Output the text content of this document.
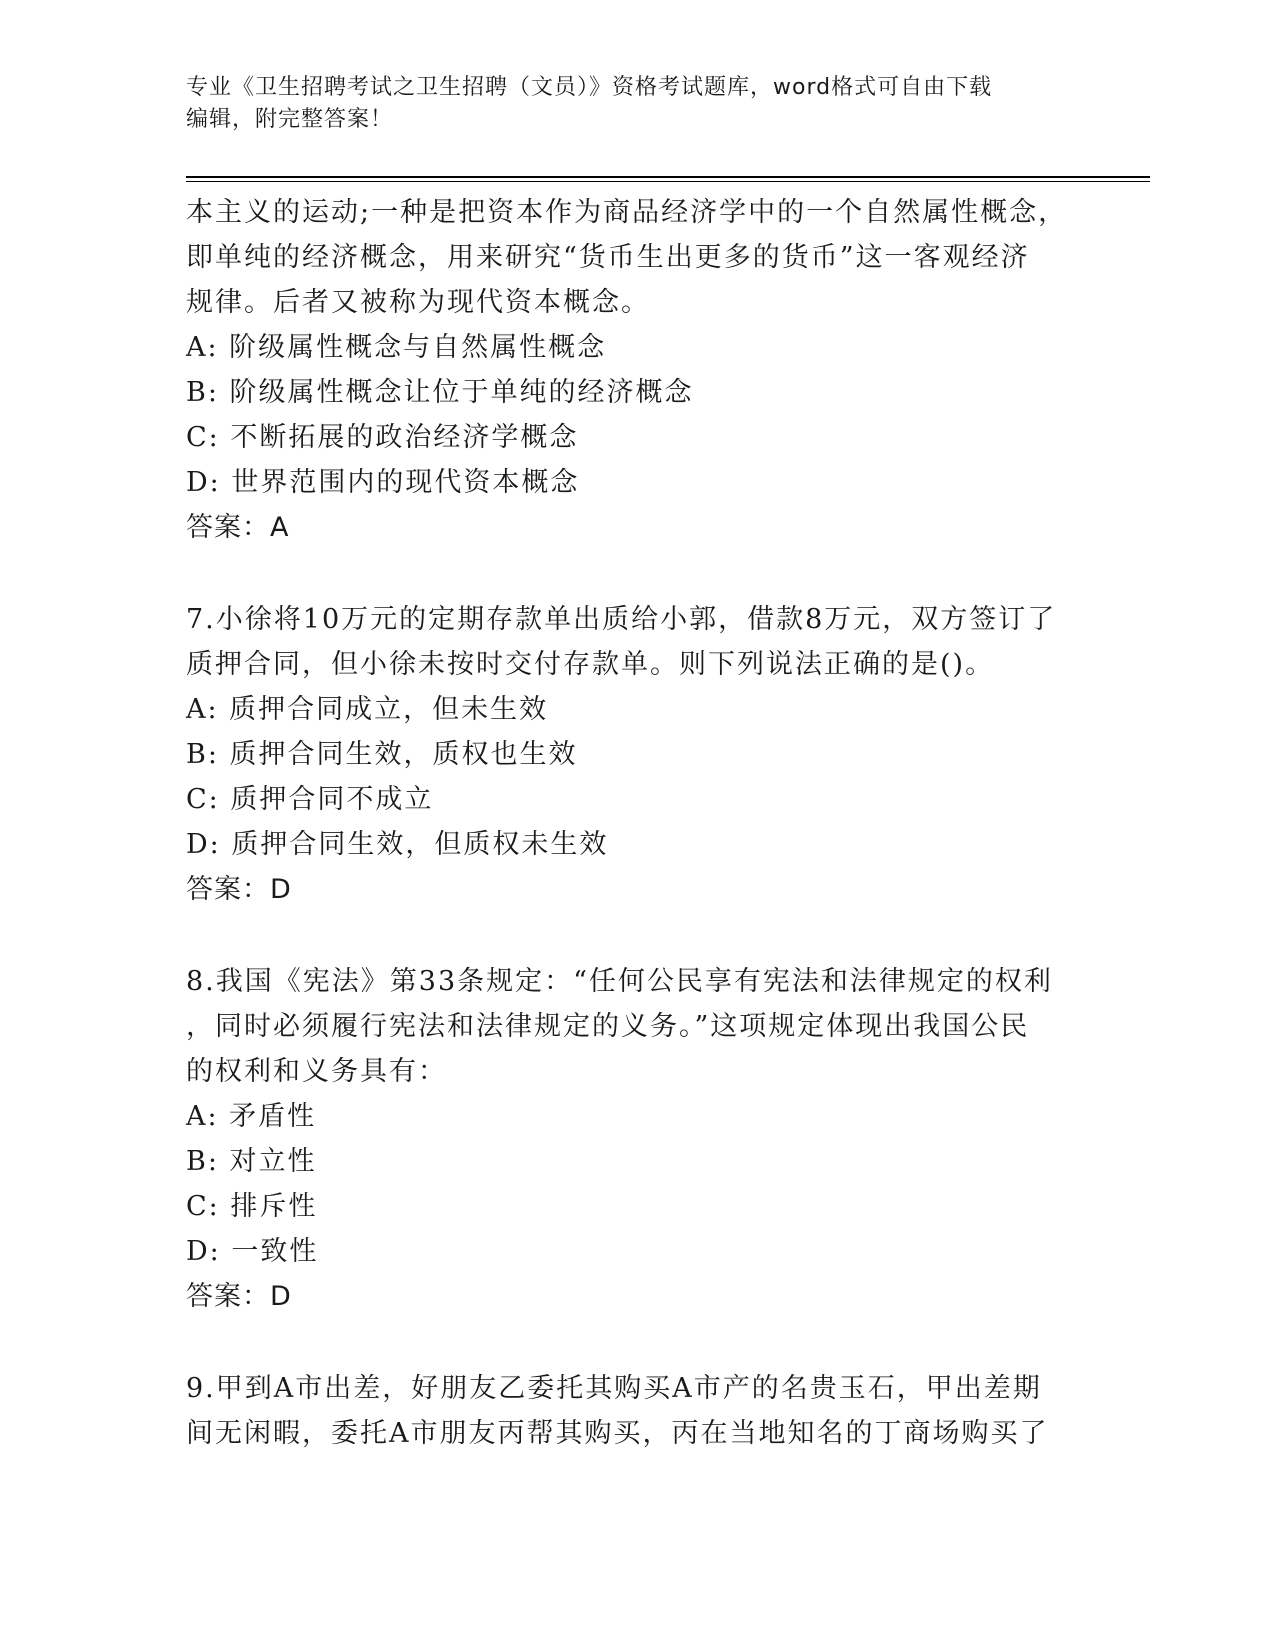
专业《卫生招聘考试之卫生招聘（文员）》资格考试题库，word格式可自由下载
编辑，附完整答案！
本主义的运动;一种是把资本作为商品经济学中的一个自然属性概念，
即单纯的经济概念，用来研究“货币生出更多的货币”这一客观经济
规律。后者又被称为现代资本概念。
A: 阶级属性概念与自然属性概念
B: 阶级属性概念让位于单纯的经济概念
C: 不断拓展的政治经济学概念
D: 世界范围内的现代资本概念
答案：A
7.小徐将10万元的定期存款单出质给小郭，借款8万元，双方签订了
质押合同，但小徐未按时交付存款单。则下列说法正确的是()。
A: 质押合同成立，但未生效
B: 质押合同生效，质权也生效
C: 质押合同不成立
D: 质押合同生效，但质权未生效
答案：D
8.我国《宪法》第33条规定：“任何公民享有宪法和法律规定的权利
，同时必须履行宪法和法律规定的义务。”这项规定体现出我国公民
的权利和义务具有：
A: 矛盾性
B: 对立性
C: 排斥性
D: 一致性
答案：D
9.甲到A市出差，好朋友乙委托其购买A市产的名贵玉石，甲出差期
间无闲暇，委托A市朋友丙帮其购买，丙在当地知名的丁商场购买了
